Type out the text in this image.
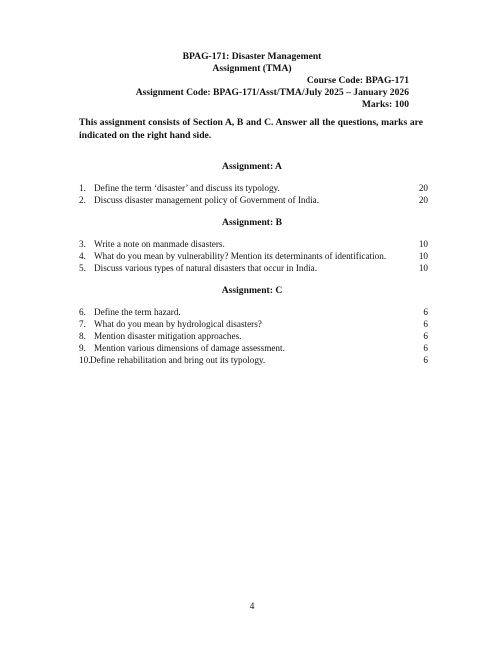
BPAG-171: Disaster Management
Assignment (TMA)
Course Code: BPAG-171
Assignment Code: BPAG-171/Asst/TMA/July 2025 – January 2026
Marks: 100
This assignment consists of Section A, B and C. Answer all the questions, marks are indicated on the right hand side.
Assignment: A
1. Define the term ‘disaster’ and discuss its typology.	20
2. Discuss disaster management policy of Government of India.	20
Assignment: B
3. Write a note on manmade disasters.	10
4. What do you mean by vulnerability? Mention its determinants of identification.	10
5. Discuss various types of natural disasters that occur in India.	10
Assignment: C
6. Define the term hazard.	6
7. What do you mean by hydrological disasters?	6
8. Mention disaster mitigation approaches.	6
9. Mention various dimensions of damage assessment.	6
10. Define rehabilitation and bring out its typology.	6
4
